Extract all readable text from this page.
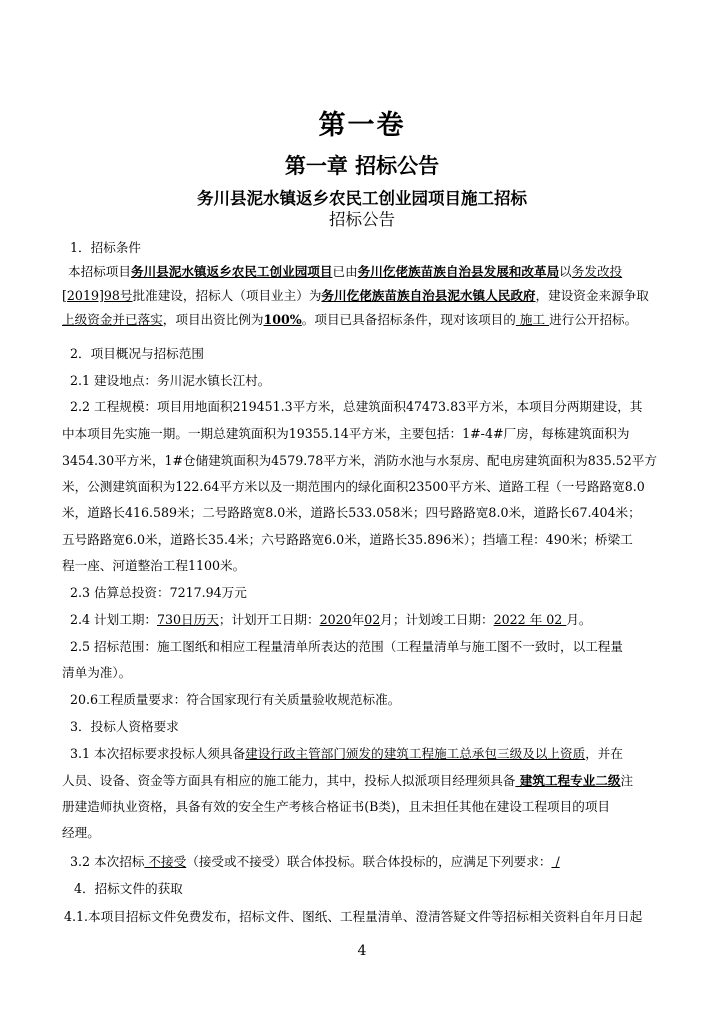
第一卷
第一章 招标公告
务川县泥水镇返乡农民工创业园项目施工招标
招标公告
1．招标条件
本招标项目务川县泥水镇返乡农民工创业园项目已由务川仡佬族苗族自治县发展和改革局以务发改投
[2019]98号批准建设，招标人（项目业主）为务川仡佬族苗族自治县泥水镇人民政府，建设资金来源争取
上级资金并已落实，项目出资比例为100%。项目已具备招标条件，现对该项目的 施工 进行公开招标。
2．项目概况与招标范围
2.1 建设地点：务川泥水镇长江村。
2.2 工程规模：项目用地面积219451.3平方米，总建筑面积47473.83平方米，本项目分两期建设，其
中本项目先实施一期。一期总建筑面积为19355.14平方米，主要包括：1#-4#厂房，每栋建筑面积为
3454.30平方米，1#仓储建筑面积为4579.78平方米，消防水池与水泵房、配电房建筑面积为835.52平方
米，公测建筑面积为122.64平方米以及一期范围内的绿化面积23500平方米、道路工程（一号路路宽8.0
米，道路长416.589米；二号路路宽8.0米，道路长533.058米；四号路路宽8.0米，道路长67.404米；
五号路路宽6.0米，道路长35.4米；六号路路宽6.0米，道路长35.896米）；挡墙工程：490米；桥梁工
程一座、河道整治工程1100米。
2.3 估算总投资：7217.94万元
2.4 计划工期：730日历天；计划开工日期：2020年02月；计划竣工日期：2022 年 02 月。
2.5 招标范围：施工图纸和相应工程量清单所表达的范围（工程量清单与施工图不一致时，以工程量
清单为准）。
20.6工程质量要求：符合国家现行有关质量验收规范标准。
3．投标人资格要求
3.1 本次招标要求投标人须具备建设行政主管部门颁发的建筑工程施工总承包三级及以上资质，并在
人员、设备、资金等方面具有相应的施工能力，其中，投标人拟派项目经理须具备 建筑工程专业二级注
册建造师执业资格，具备有效的安全生产考核合格证书(B类)，且未担任其他在建设工程项目的项目
经理。
3.2 本次招标 不接受（接受或不接受）联合体投标。联合体投标的，应满足下列要求： /
4．招标文件的获取
4.1.本项目招标文件免费发布，招标文件、图纸、工程量清单、澄清答疑文件等招标相关资料自年月日起
4
